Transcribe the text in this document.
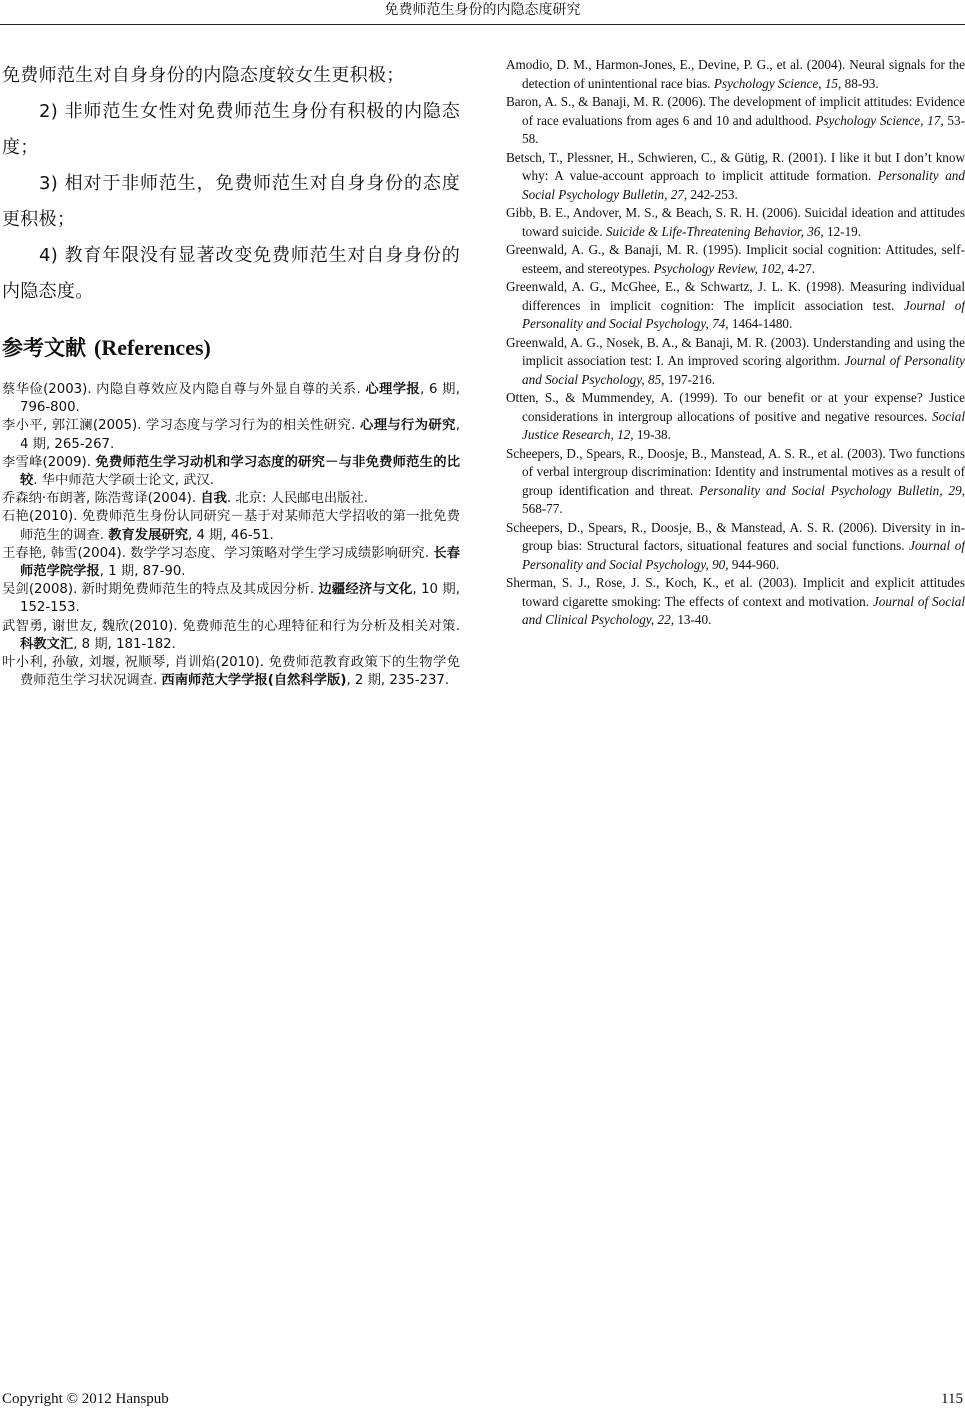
免费师范生身份的内隐态度研究

免费师范生对自身身份的内隐态度较女生更积极；

2) 非师范生女性对免费师范生身份有积极的内隐态度；

3) 相对于非师范生，免费师范生对自身身份的态度更积极；

4) 教育年限没有显著改变免费师范生对自身身份的内隐态度。

参考文献 (References)

蔡华俭(2003). 内隐自尊效应及内隐自尊与外显自尊的关系. 心理学报, 6 期, 796-800.

李小平, 郭江澜(2005). 学习态度与学习行为的相关性研究. 心理与行为研究, 4 期, 265-267.

李雪峰(2009). 免费师范生学习动机和学习态度的研究－与非免费师范生的比较. 华中师范大学硕士论文, 武汉.

乔森纳·布朗著, 陈浩莺译(2004). 自我. 北京: 人民邮电出版社.

石艳(2010). 免费师范生身份认同研究－基于对某师范大学招收的第一批免费师范生的调查. 教育发展研究, 4 期, 46-51.

王春艳, 韩雪(2004). 数学学习态度、学习策略对学生学习成绩影响研究. 长春师范学院学报, 1 期, 87-90.

吴剑(2008). 新时期免费师范生的特点及其成因分析. 边疆经济与文化, 10 期, 152-153.

武智勇, 谢世友, 魏欣(2010). 免费师范生的心理特征和行为分析及相关对策. 科教文汇, 8 期, 181-182.

叶小利, 孙敏, 刘堰, 祝顺琴, 肖训焰(2010). 免费师范教育政策下的生物学免费师范生学习状况调查. 西南师范大学学报(自然科学版), 2 期, 235-237.

Amodio, D. M., Harmon-Jones, E., Devine, P. G., et al. (2004). Neural signals for the detection of unintentional race bias. Psychology Science, 15, 88-93.

Baron, A. S., & Banaji, M. R. (2006). The development of implicit attitudes: Evidence of race evaluations from ages 6 and 10 and adulthood. Psychology Science, 17, 53-58.

Betsch, T., Plessner, H., Schwieren, C., & Gütig, R. (2001). I like it but I don’t know why: A value-account approach to implicit attitude formation. Personality and Social Psychology Bulletin, 27, 242-253.

Gibb, B. E., Andover, M. S., & Beach, S. R. H. (2006). Suicidal ideation and attitudes toward suicide. Suicide & Life-Threatening Behavior, 36, 12-19.

Greenwald, A. G., & Banaji, M. R. (1995). Implicit social cognition: Attitudes, self-esteem, and stereotypes. Psychology Review, 102, 4-27.

Greenwald, A. G., McGhee, E., & Schwartz, J. L. K. (1998). Measuring individual differences in implicit cognition: The implicit association test. Journal of Personality and Social Psychology, 74, 1464-1480.

Greenwald, A. G., Nosek, B. A., & Banaji, M. R. (2003). Understanding and using the implicit association test: I. An improved scoring algorithm. Journal of Personality and Social Psychology, 85, 197-216.

Otten, S., & Mummendey, A. (1999). To our benefit or at your expense? Justice considerations in intergroup allocations of positive and negative resources. Social Justice Research, 12, 19-38.

Scheepers, D., Spears, R., Doosje, B., Manstead, A. S. R., et al. (2003). Two functions of verbal intergroup discrimination: Identity and instrumental motives as a result of group identification and threat. Personality and Social Psychology Bulletin, 29, 568-77.

Scheepers, D., Spears, R., Doosje, B., & Manstead, A. S. R. (2006). Diversity in in-group bias: Structural factors, situational features and social functions. Journal of Personality and Social Psychology, 90, 944-960.

Sherman, S. J., Rose, J. S., Koch, K., et al. (2003). Implicit and explicit attitudes toward cigarette smoking: The effects of context and motivation. Journal of Social and Clinical Psychology, 22, 13-40.

Copyright © 2012 Hanspub	115
